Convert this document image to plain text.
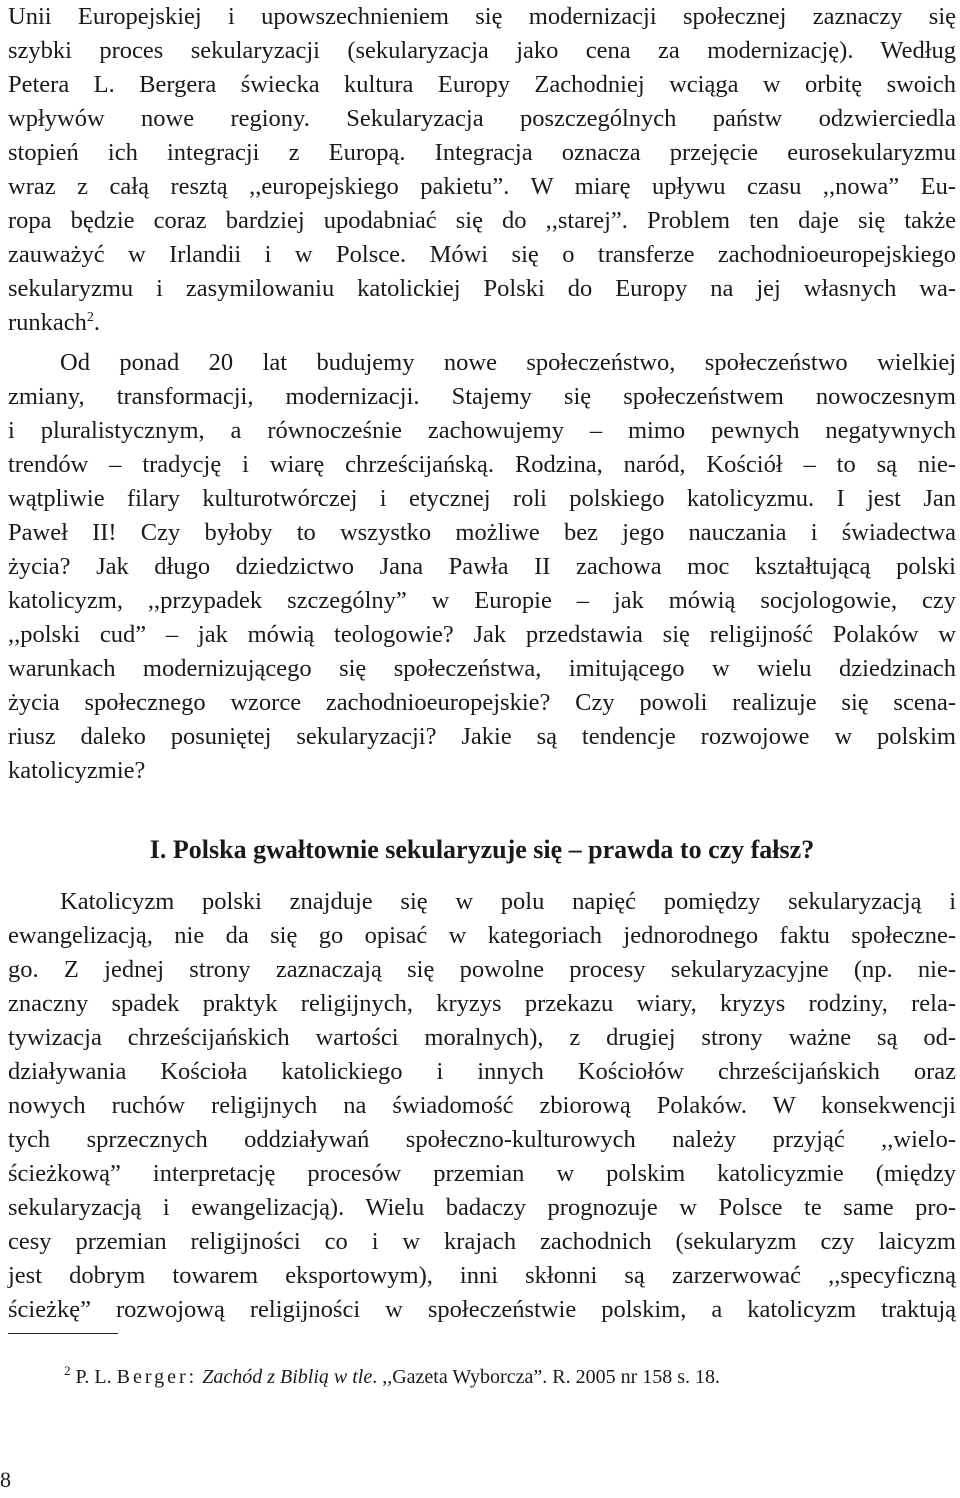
Unii Europejskiej i upowszechnieniem się modernizacji społecznej zaznaczy się
szybki proces sekularyzacji (sekularyzacja jako cena za modernizację). Według
Petera L. Bergera świecka kultura Europy Zachodniej wciąga w orbitę swoich
wpływów nowe regiony. Sekularyzacja poszczególnych państw odzwierciedla
stopień ich integracji z Europą. Integracja oznacza przejęcie eurosekularyzmu
wraz z całą resztą ,,europejskiego pakietu”. W miarę upływu czasu ,,nowa” Eu-
ropa będzie coraz bardziej upodabniać się do ,,starej”. Problem ten daje się także
zauważyć w Irlandii i w Polsce. Mówi się o transferze zachodnioeuropejskiego
sekularyzmu i zasymilowaniu katolickiej Polski do Europy na jej własnych wa-
runkach$^2$.
Od ponad 20 lat budujemy nowe społeczeństwo, społeczeństwo wielkiej
zmiany, transformacji, modernizacji. Stajemy się społeczeństwem nowoczesnym
i pluralistycznym, a równocześnie zachowujemy – mimo pewnych negatywnych
trendów – tradycję i wiarę chrześcijańską. Rodzina, naród, Kościół – to są nie-
wątpliwie filary kulturotwórczej i etycznej roli polskiego katolicyzmu. I jest Jan
Paweł II! Czy byłoby to wszystko możliwe bez jego nauczania i świadectwa
życia? Jak długo dziedzictwo Jana Pawła II zachowa moc kształtującą polski
katolicyzm, ,,przypadek szczególny” w Europie – jak mówią socjologowie, czy
,,polski cud” – jak mówią teologowie? Jak przedstawia się religijność Polaków w
warunkach modernizującego się społeczeństwa, imitującego w wielu dziedzinach
życia społecznego wzorce zachodnioeuropejskie? Czy powoli realizuje się scena-
riusz daleko posuniętej sekularyzacji? Jakie są tendencje rozwojowe w polskim
katolicyzmie?
Katolicyzm polski znajduje się w polu napięć pomiędzy sekularyzacją i
ewangelizacją, nie da się go opisać w kategoriach jednorodnego faktu społeczne-
go. Z jednej strony zaznaczają się powolne procesy sekularyzacyjne (np. nie-
znaczny spadek praktyk religijnych, kryzys przekazu wiary, kryzys rodziny, rela-
tywizacja chrześcijańskich wartości moralnych), z drugiej strony ważne są od-
działywania Kościoła katolickiego i innych Kościołów chrześcijańskich oraz
nowych ruchów religijnych na świadomość zbiorową Polaków. W konsekwencji
tych sprzecznych oddziaływań społeczno-kulturowych należy przyjąć ,,wielo-
ścieżkową” interpretację procesów przemian w polskim katolicyzmie (między
sekularyzacją i ewangelizacją). Wielu badaczy prognozuje w Polsce te same pro-
cesy przemian religijności co i w krajach zachodnich (sekularyzm czy laicyzm
jest dobrym towarem eksportowym), inni skłonni są zarzerwować ,,specyficzną
ścieżkę” rozwojową religijności w społeczeństwie polskim, a katolicyzm traktują
I. Polska gwałtownie sekularyzuje się – prawda to czy fałsz?
$^2$ P. L. Berger: Zachód z Biblią w tle. ,,Gazeta Wyborcza”. R. 2005 nr 158 s. 18.
8
